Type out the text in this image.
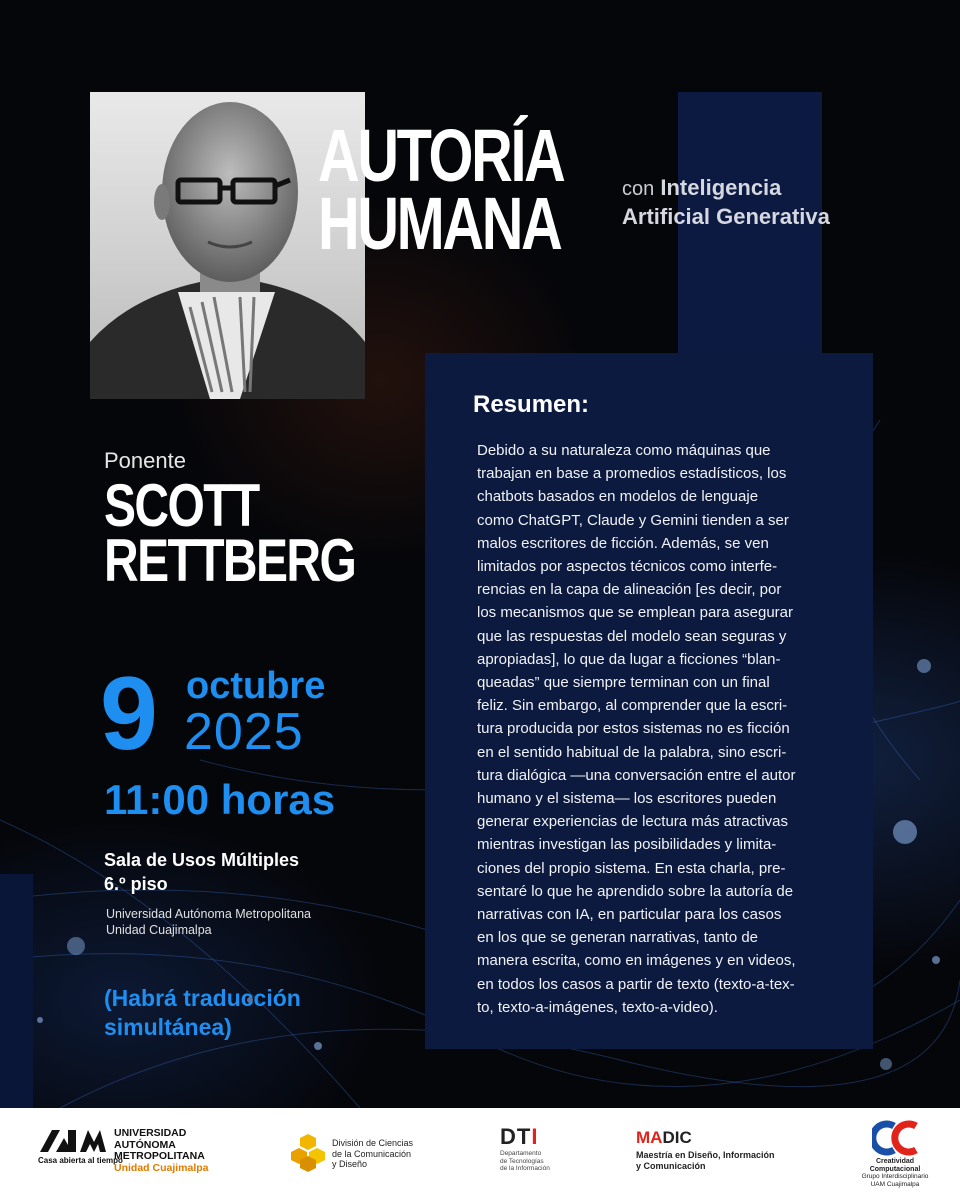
AUTORÍA
HUMANA	con Inteligencia
Artificial Generativa
Ponente
SCOTT
RETTBERG
9 octubre
2025
11:00 horas
Sala de Usos Múltiples
6.º piso
Universidad Autónoma Metropolitana
Unidad Cuajimalpa
(Habrá traducción
simultánea)
Resumen:
Debido a su naturaleza como máquinas que
trabajan en base a promedios estadísticos, los
chatbots basados en modelos de lenguaje
como ChatGPT, Claude y Gemini tienden a ser
malos escritores de ficción. Además, se ven
limitados por aspectos técnicos como interfe-
rencias en la capa de alineación [es decir, por
los mecanismos que se emplean para asegurar
que las respuestas del modelo sean seguras y
apropiadas], lo que da lugar a ficciones “blan-
queadas” que siempre terminan con un final
feliz. Sin embargo, al comprender que la escri-
tura producida por estos sistemas no es ficción
en el sentido habitual de la palabra, sino escri-
tura dialógica —una conversación entre el autor
humano y el sistema— los escritores pueden
generar experiencias de lectura más atractivas
mientras investigan las posibilidades y limita-
ciones del propio sistema. En esta charla, pre-
sentaré lo que he aprendido sobre la autoría de
narrativas con IA, en particular para los casos
en los que se generan narrativas, tanto de
manera escrita, como en imágenes y en videos,
en todos los casos a partir de texto (texto-a-tex-
to, texto-a-imágenes, texto-a-video).
Casa abierta al tiempo
UNIVERSIDAD
AUTÓNOMA
METROPOLITANA
Unidad Cuajimalpa
División de Ciencias
de la Comunicación
y Diseño
DTI
Departamento
de Tecnologías
de la Información
MADIC
Maestría en Diseño, Información
y Comunicación	Creatividad
Computacional
Grupo Interdisciplinario
UAM Cuajimalpa
